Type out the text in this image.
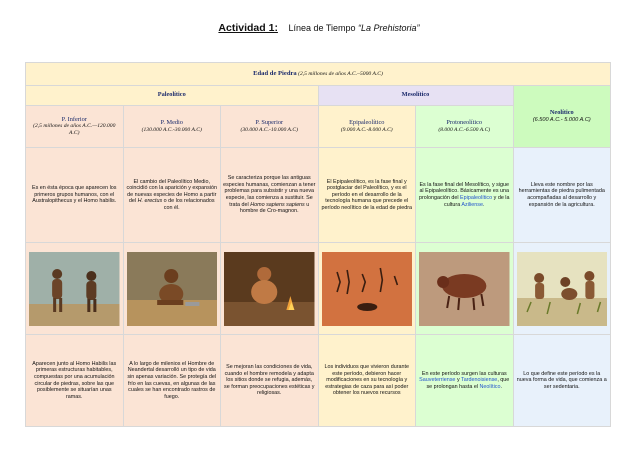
Actividad 1: Línea de Tiempo “La Prehistoria”
Edad de Piedra (2,5 millones de años A.C.–5000 A.C)					
Paleolítico			Mesolítico		Neolítico
(6.500 A.C.- 5.000 A.C)

P. Inferior
(2,5 millones de años A.C.—120.000 A.C)	P. Medio
(130.000 A.C.-30.000 A.C)	P. Superior
(30.000 A.C.-10.000 A.C)	Epipaleolítico
(9.000 A.C.-8.000 A.C)	Protoneolítico
(8.000 A.C.-6.500 A.C)	

Es en ésta época que aparecen los primeros grupos humanos, con el Australopithecus y el Homo habilis.	El cambio del Paleolítico Medio, coincidió con la aparición y expansión de nuevas especies de Homo a partir del H. erectus o de los relacionados con él.	Se caracteriza porque las antiguas especies humanas, comienzan a tener problemas para subsistir y una nueva especie, las comienza a sustituir. Se trata del Homo sapiens sapiens u hombre de Cro-magnon.	El Epipaleolítico, es la fase final y postglaciar del Paleolítico, y es el período en el desarrollo de la tecnología humana que precede el período neolítico de la edad de piedra	Es la fase final del Mesolítico, y sigue al Epipaleolítico. Básicamente es una prolongación del Epipaleolítico y de la cultura Aziliense.	Lleva este nombre por las herramientas de piedra pulimentada acompañadas al desarrollo y expansión de la agricultura.

Aparecen junto al Homo Habilis las primeras estructuras habitables, compuestas por una acumulación circular de piedras, sobre las que posiblemente se situarían unas ramas.	A lo largo de milenios el Hombre de Neandertal desarrolló un tipo de vida sin apenas variación. Se protegía del frío en las cuevas, en algunas de las cuales se han encontrado rastros de fuego.	Se mejoran las condiciones de vida, cuando el hombre remodela y adapta los sitios donde se refugia, además, se forman preocupaciones estéticas y religiosas.	Los individuos que vivieron durante este período, debieron hacer modificaciones en su tecnología y estrategias de caza para así poder obtener los nuevos recursos	En este período surgen las culturas Sauveterriense y Tardenoisiense, que se prolongan hasta el Neolítico.	Lo que define este período es la nueva forma de vida, que comienza a ser sedentaria.
